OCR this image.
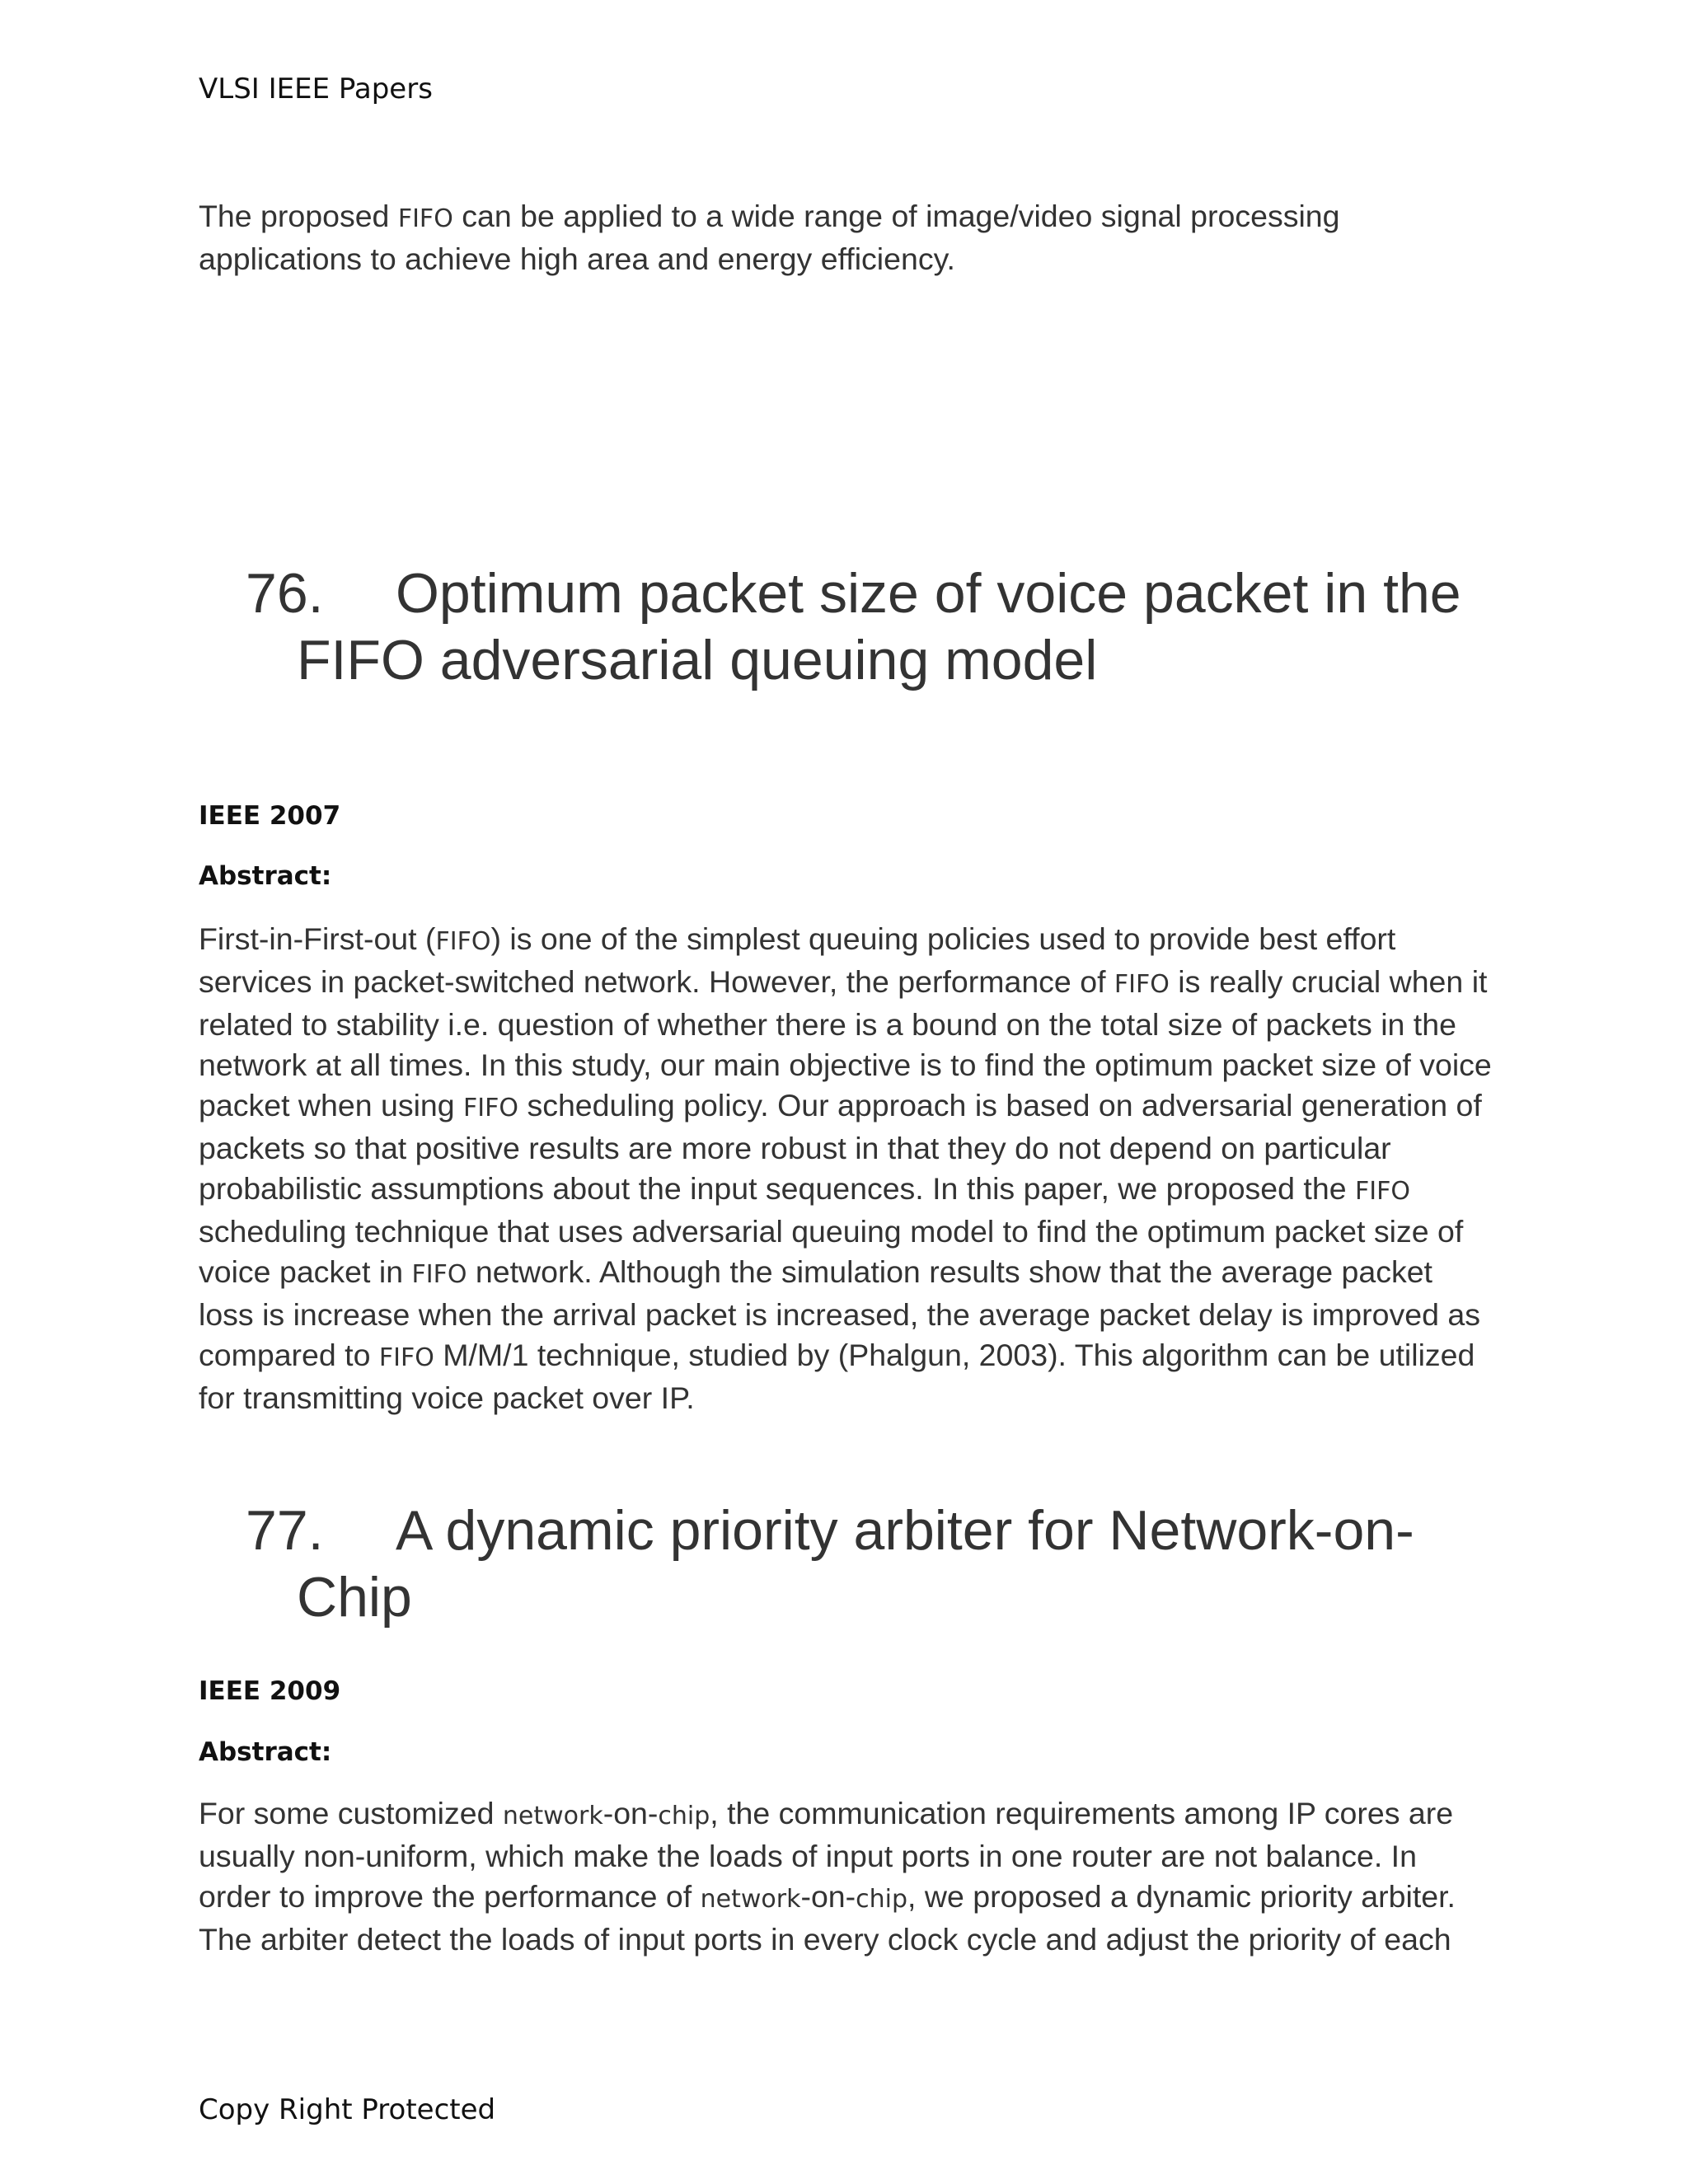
VLSI IEEE Papers

The proposed FIFO can be applied to a wide range of image/video signal processing applications to achieve high area and energy efficiency.

76. Optimum packet size of voice packet in the
FIFO adversarial queuing model
IEEE 2007
Abstract:

First-in-First-out (FIFO) is one of the simplest queuing policies used to provide best effort services in packet-switched network. However, the performance of FIFO is really crucial when it related to stability i.e. question of whether there is a bound on the total size of packets in the network at all times. In this study, our main objective is to find the optimum packet size of voice packet when using FIFO scheduling policy. Our approach is based on adversarial generation of packets so that positive results are more robust in that they do not depend on particular probabilistic assumptions about the input sequences. In this paper, we proposed the FIFO scheduling technique that uses adversarial queuing model to find the optimum packet size of voice packet in FIFO network. Although the simulation results show that the average packet loss is increase when the arrival packet is increased, the average packet delay is improved as compared to FIFO M/M/1 technique, studied by (Phalgun, 2003). This algorithm can be utilized for transmitting voice packet over IP.

77. A dynamic priority arbiter for Network-on-
Chip
IEEE 2009
Abstract:

For some customized network-on-chip, the communication requirements among IP cores are usually non-uniform, which make the loads of input ports in one router are not balance. In order to improve the performance of network-on-chip, we proposed a dynamic priority arbiter. The arbiter detect the loads of input ports in every clock cycle and adjust the priority of each

Copy Right Protected
